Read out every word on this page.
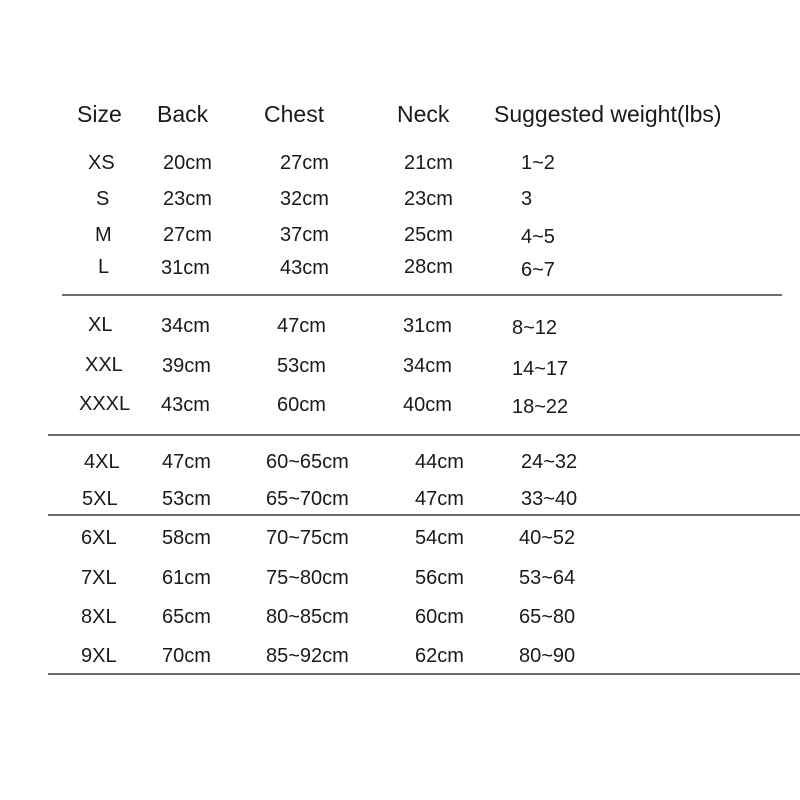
Size Back Chest	Neck Suggested weight(lbs)
XS 20cm	27cm	21cm	1~2
S	23cm	32cm	23cm	3
M	27cm	37cm	25cm	4~5
L	31cm	43cm	28cm	6~7
XL 34cm	47cm	31cm	8~12
XXL 39cm	53cm	34cm	14~17
XXXL 43cm	60cm	40cm	18~22
4XL 47cm	60~65cm	44cm	24~32
5XL 53cm	65~70cm	47cm	33~40
6XL 58cm	70~75cm	54cm	40~52
7XL 61cm	75~80cm	56cm	53~64
8XL 65cm	80~85cm	60cm	65~80
9XL 70cm	85~92cm	62cm	80~90
